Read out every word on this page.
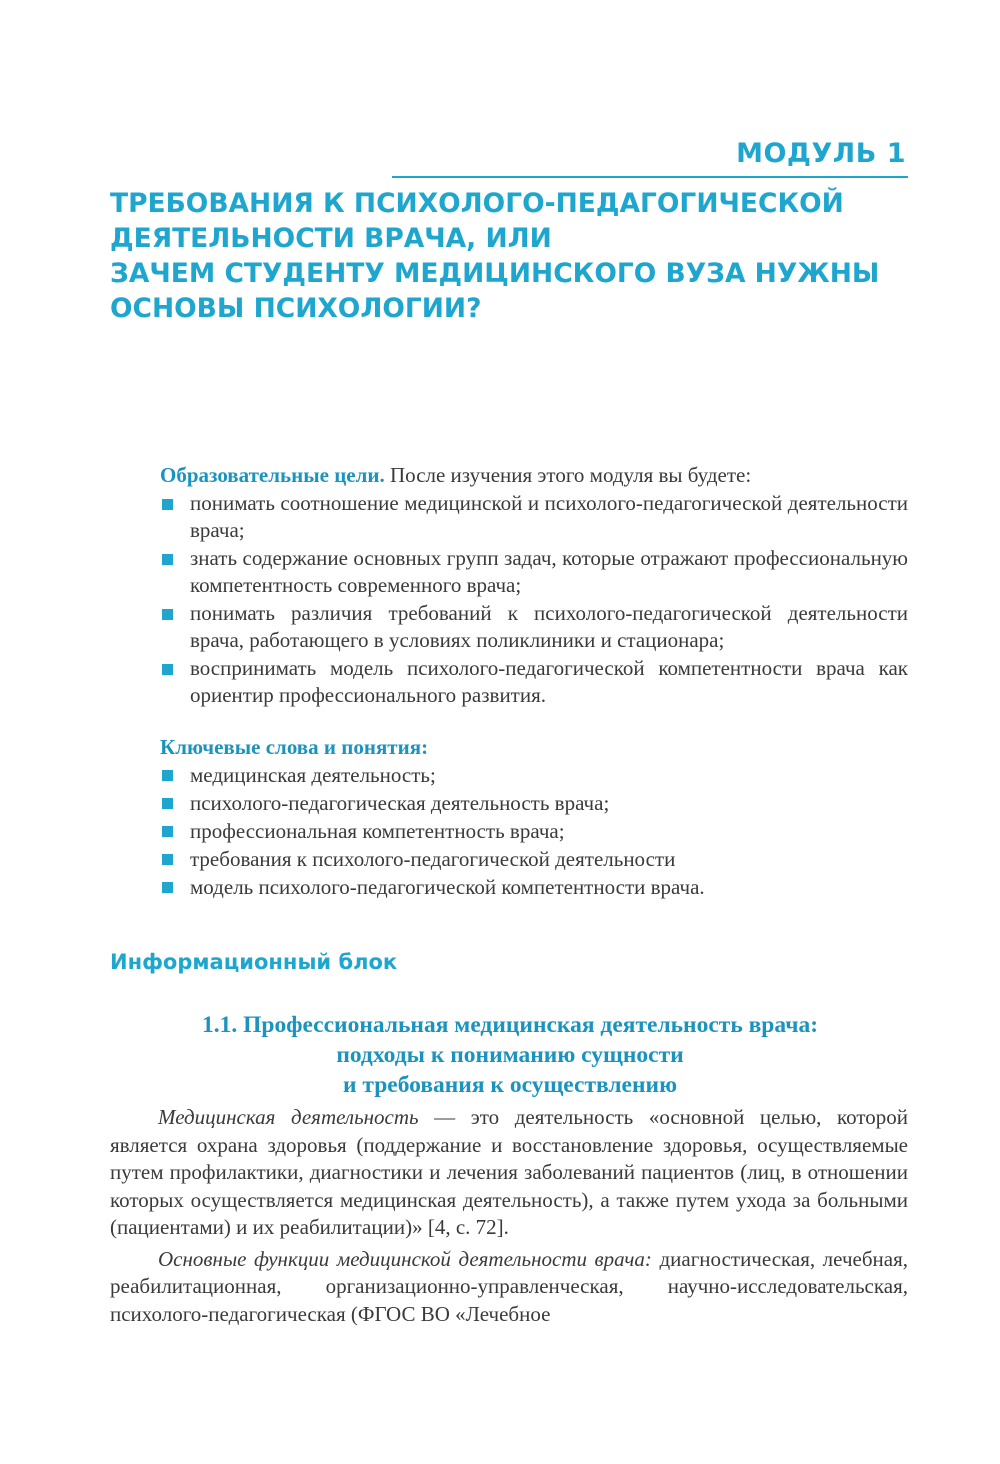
МОДУЛЬ 1
ТРЕБОВАНИЯ К ПСИХОЛОГО-ПЕДАГОГИЧЕСКОЙ
ДЕЯТЕЛЬНОСТИ ВРАЧА, ИЛИ
ЗАЧЕМ СТУДЕНТУ МЕДИЦИНСКОГО ВУЗА НУЖНЫ
ОСНОВЫ ПСИХОЛОГИИ?

Образовательные цели. После изучения этого модуля вы будете:

понимать соотношение медицинской и психолого-педагогической деятельности врача;
знать содержание основных групп задач, которые отражают профессиональную компетентность современного врача;
понимать различия требований к психолого-педагогической деятельности врача, работающего в условиях поликлиники и стационара;
воспринимать модель психолого-педагогической компетентности врача как ориентир профессионального развития.

Ключевые слова и понятия:

медицинская деятельность;
психолого-педагогическая деятельность врача;
профессиональная компетентность врача;
требования к психолого-педагогической деятельности
модель психолого-педагогической компетентности врача.
Информационный блок
1.1. Профессиональная медицинская деятельность врача:
подходы к пониманию сущности
и требования к осуществлению

Медицинская деятельность — это деятельность «основной целью, которой является охрана здоровья (поддержание и восстановление здоровья, осуществляемые путем профилактики, диагностики и лечения заболеваний пациентов (лиц, в отношении которых осуществляется медицинская деятельность), а также путем ухода за больными (пациентами) и их реабилитации)» [4, с. 72].

Основные функции медицинской деятельности врача: диагностическая, лечебная, реабилитационная, организационно-управленческая, научно-исследовательская, психолого-педагогическая (ФГОС ВО «Лечебное
